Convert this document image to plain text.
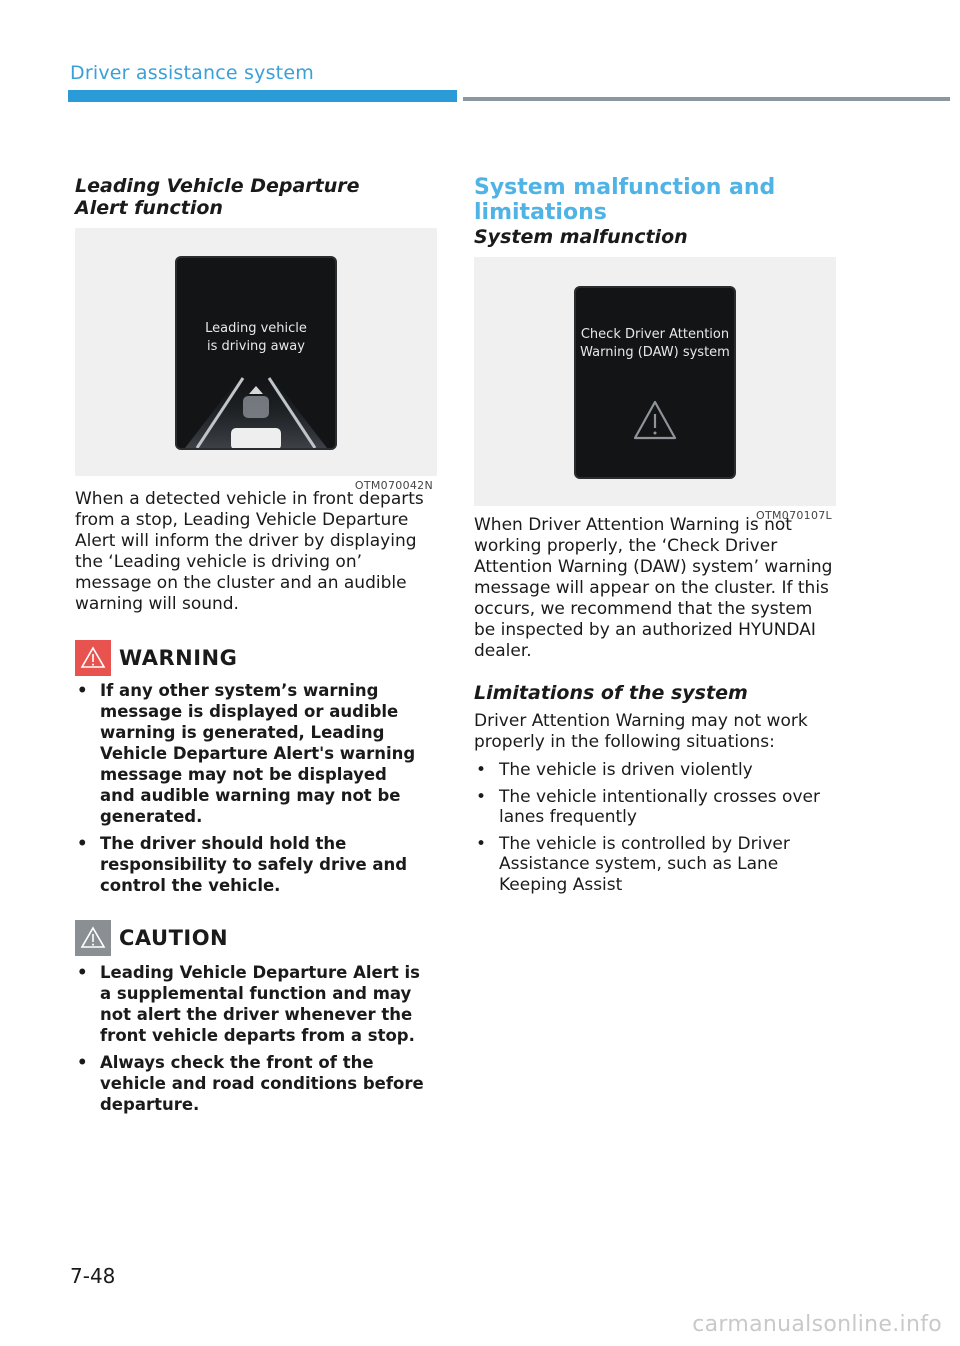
Driver assistance system
Leading Vehicle Departure Alert function
Leading vehicle
is driving away
OTM070042N

When a detected vehicle in front departs from a stop, Leading Vehicle Departure Alert will inform the driver by displaying the ‘Leading vehicle is driving on’ message on the cluster and an audible warning will sound.

WARNING
• If any other system’s warning message is displayed or audible warning is generated, Leading Vehicle Departure Alert's warning message may not be displayed and audible warning may not be generated.
• The driver should hold the responsibility to safely drive and control the vehicle.
CAUTION
• Leading Vehicle Departure Alert is a supplemental function and may not alert the driver whenever the front vehicle departs from a stop.
• Always check the front of the vehicle and road conditions before departure.
System malfunction and limitations
System malfunction
Check Driver Attention
Warning (DAW) system
OTM070107L

When Driver Attention Warning is not working properly, the ‘Check Driver Attention Warning (DAW) system’ warning message will appear on the cluster. If this occurs, we recommend that the system be inspected by an authorized HYUNDAI dealer.

Limitations of the system

Driver Attention Warning may not work properly in the following situations:

• The vehicle is driven violently
• The vehicle intentionally crosses over lanes frequently
• The vehicle is controlled by Driver Assistance system, such as Lane Keeping Assist
7-48
carmanualsonline.info
